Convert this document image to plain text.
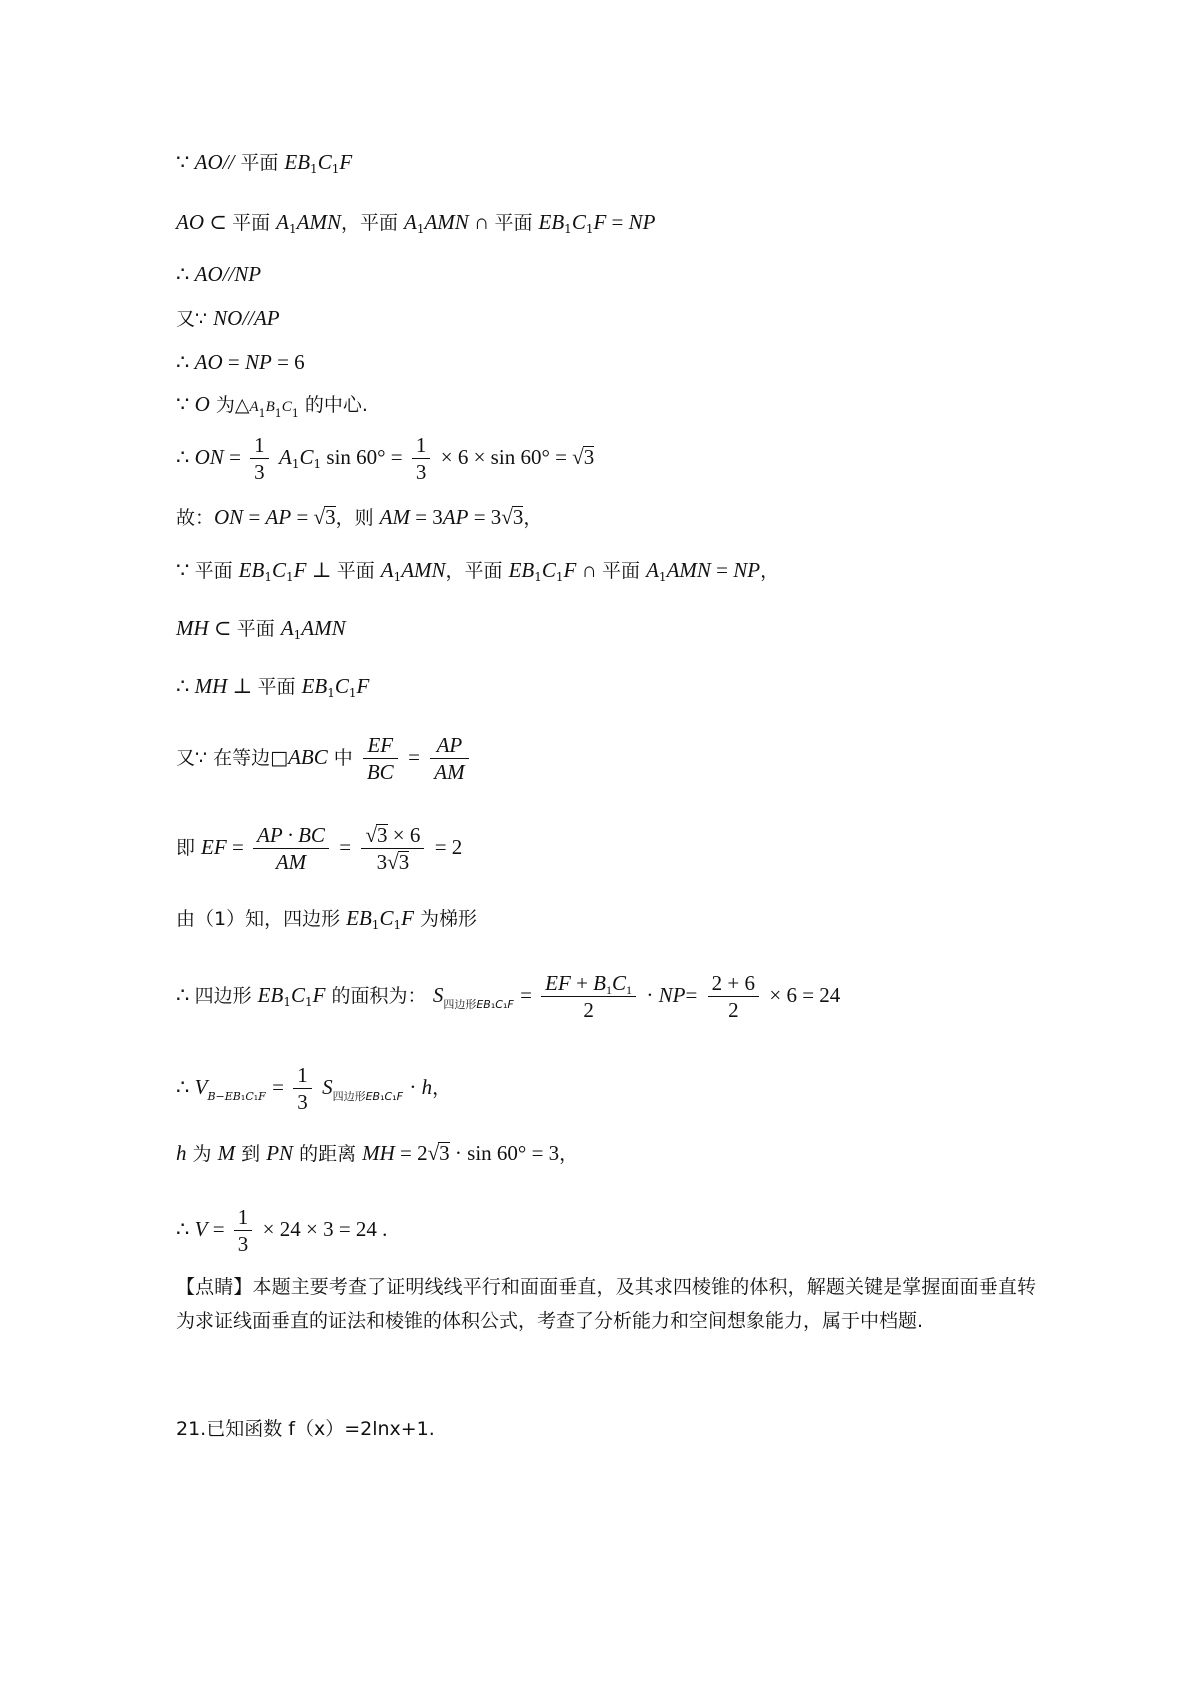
∵ AO// 平面 $EB_1C_1F$
AO ⊂ 平面 $A_1AMN$，平面 $A_1AMN$ ∩ 平面 $EB_1C_1F$ = NP
∴ AO//NP
又∵ NO//AP
∴ AO = NP = 6
∵ O 为$\triangle A_1B_1C_1$ 的中心.
∴ ON = $\frac{1}{3} A_1C_1$ $\sin 60^\circ = \frac{1}{3} \times 6 \times \sin 60^\circ = √3$
故：ON = AP = √3，则 AM = 3AP = 3√3，
∵ 平面 $EB_1C_1F$ ⊥ 平面 $A_1AMN$，平面 $EB_1C_1F$ ∩ 平面 $A_1AMN$ = NP，
MH ⊂ 平面 $A_1AMN$
∴ MH ⊥ 平面 $EB_1C_1F$
又∵ 在等边□ABC 中 $\frac{EF}{BC} = \frac{AP}{AM}$
即 EF = $\frac{AP \cdot BC}{AM} = \frac{√3 \times 6}{3√3} = 2$
由（1）知，四边形 $EB_1C_1F$ 为梯形
∴ 四边形 $EB_1C_1F$ 的面积为： $S_{四边形EB_1C_1F} = \frac{EF + B_1C_1}{2} \cdot NP= \frac{2 + 6}{2} \times 6 = 24$
∴ $V_{B-EB_1C_1F} = \frac{1}{3} S_{四边形EB_1C_1F} \cdot h$，
h 为 M 到 PN 的距离 MH = 2√3 · sin 60° = 3，
∴ $V = \frac{1}{3} \times 24 \times 3 = 24$ .
【点睛】本题主要考查了证明线线平行和面面垂直，及其求四棱锥的体积，解题关键是掌握面面垂直转为求证线面垂直的证法和棱锥的体积公式，考查了分析能力和空间想象能力，属于中档题.
21.已知函数 f（x）=2lnx+1.
